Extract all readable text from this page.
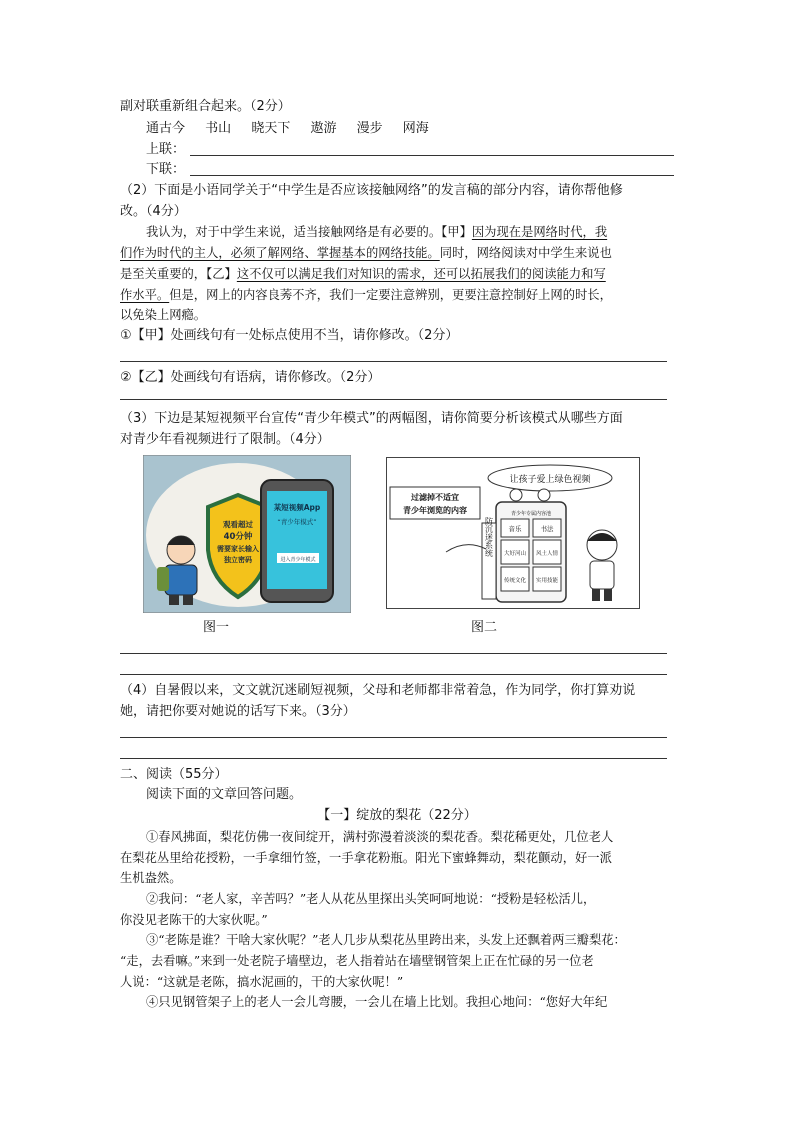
副对联重新组合起来。（2分）
通古今 书山 晓天下 遨游 漫步 网海
上联：
下联：
（2）下面是小语同学关于“中学生是否应该接触网络”的发言稿的部分内容，请你帮他修
改。（4分）
我认为，对于中学生来说，适当接触网络是有必要的。【甲】因为现在是网络时代，我
们作为时代的主人，必须了解网络、掌握基本的网络技能。同时，网络阅读对中学生来说也
是至关重要的，【乙】这不仅可以满足我们对知识的需求，还可以拓展我们的阅读能力和写
作水平。但是，网上的内容良莠不齐，我们一定要注意辨别，更要注意控制好上网的时长，
以免染上网瘾。
①【甲】处画线句有一处标点使用不当，请你修改。（2分）
②【乙】处画线句有语病，请你修改。（2分）
（3）下边是某短视频平台宣传“青少年模式”的两幅图，请你简要分析该模式从哪些方面
对青少年看视频进行了限制。（4分）
观看超过
40分钟
需要家长输入
独立密码
某短视频App
“青少年模式”
进入青少年模式
图一
让孩子爱上绿色视频
过滤掉不适宜
青少年浏览的内容	青少年专属内容池
音乐	书法
大好河山 风土人情
传统文化 实用技能
防沉迷系统
图二
（4）自暑假以来，文文就沉迷刷短视频，父母和老师都非常着急，作为同学，你打算劝说
她，请把你要对她说的话写下来。（3分）
二、阅读（55分）
阅读下面的文章回答问题。
【一】绽放的梨花（22分）
①春风拂面，梨花仿佛一夜间绽开，满村弥漫着淡淡的梨花香。梨花稀更处，几位老人
在梨花丛里给花授粉，一手拿细竹签，一手拿花粉瓶。阳光下蜜蜂舞动，梨花颤动，好一派
生机盎然。
②我问：“老人家，辛苦吗？”老人从花丛里探出头笑呵呵地说：“授粉是轻松活儿，
你没见老陈干的大家伙呢。”
③“老陈是谁？干啥大家伙呢？”老人几步从梨花丛里跨出来，头发上还飘着两三瓣梨花：
“走，去看嘛。”来到一处老院子墙壁边，老人指着站在墙壁钢管架上正在忙碌的另一位老
人说：“这就是老陈，搞水泥画的，干的大家伙呢！”
④只见钢管架子上的老人一会儿弯腰，一会儿在墙上比划。我担心地问：“您好大年纪
